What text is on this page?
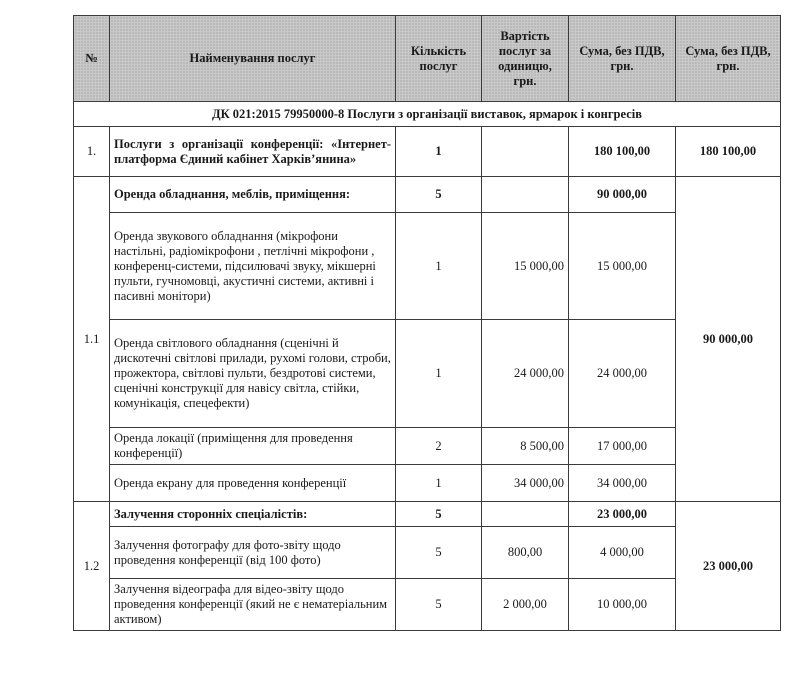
№	Найменування послуг	Кількість послуг	Вартість послуг за одиницю, грн.	Сума, без ПДВ, грн.	Сума, без ПДВ, грн.
ДК 021:2015 79950000-8 Послуги з організації виставок, ярмарок і конгресів					
1.	Послуги з організації конференції: «Інтернет-платформа Єдиний кабінет Харків’янина»	1		180 100,00	180 100,00
1.1	Оренда обладнання, меблів, приміщення:	5		90 000,00	90 000,00
	Оренда звукового обладнання (мікрофони настільні, радіомікрофони , петлічні мікрофони , конференц-системи, підсилювачі звуку, мікшерні пульти, гучномовці, акустичні системи, активні і пасивні монітори)	1	15 000,00	15 000,00	
	Оренда світлового обладнання (сценічні й дискотечні світлові прилади, рухомі голови, строби, прожектора, світлові пульти, бездротові системи, сценічні конструкції для навісу світла, стійки, комунікація, спецефекти)	1	24 000,00	24 000,00	
	Оренда локації (приміщення для проведення конференції)	2	8 500,00	17 000,00	
	Оренда екрану для проведення конференції	1	34 000,00	34 000,00	
1.2	Залучення сторонніх спеціалістів:	5		23 000,00	23 000,00
	Залучення фотографу для фото-звіту щодо проведення конференції (від 100 фото)	5	800,00	4 000,00	
	Залучення відеографа для відео-звіту щодо проведення конференції (який не є нематеріальним активом)	5	2 000,00	10 000,00	
